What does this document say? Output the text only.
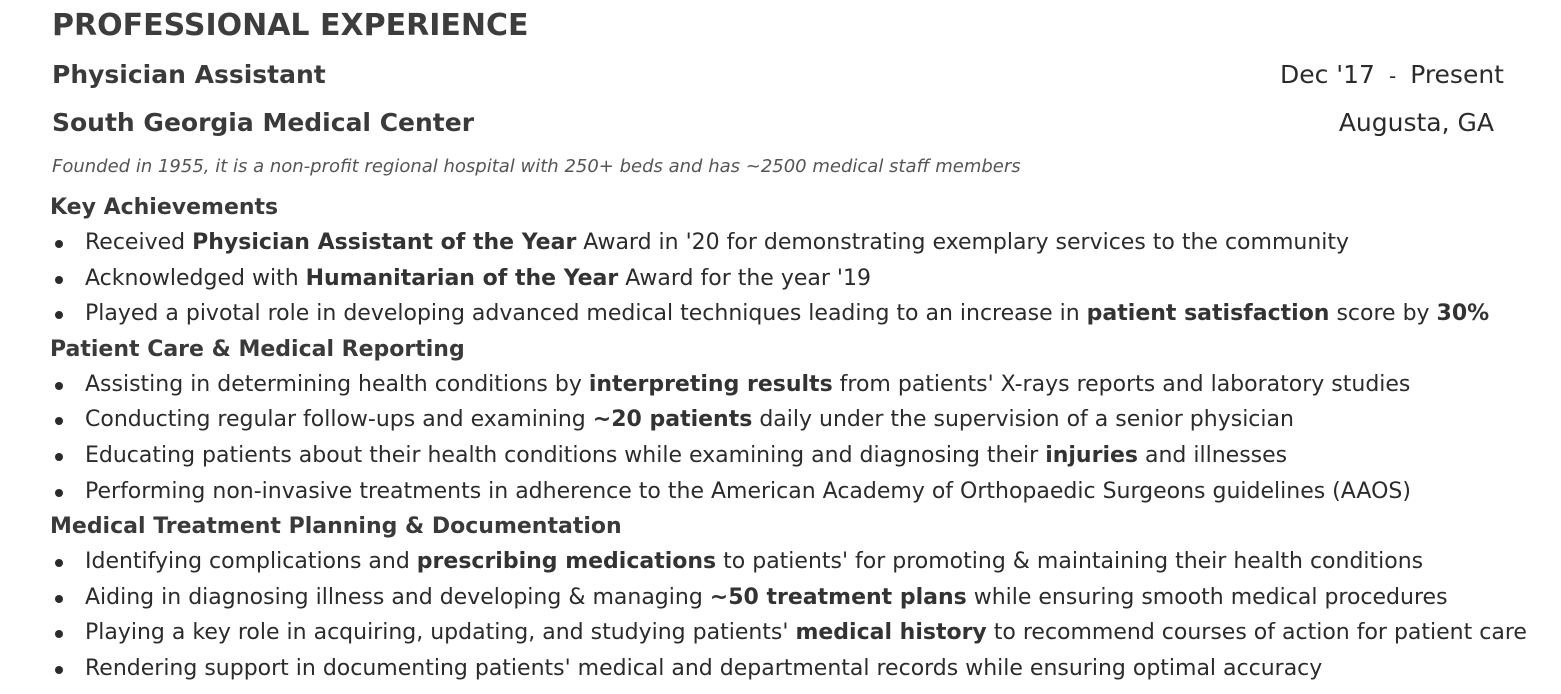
PROFESSIONAL EXPERIENCE
Physician Assistant	Dec '17 - Present
South Georgia Medical Center	Augusta, GA
Founded in 1955, it is a non-profit regional hospital with 250+ beds and has ~2500 medical staff members
Key Achievements
Received Physician Assistant of the Year Award in '20 for demonstrating exemplary services to the community
Acknowledged with Humanitarian of the Year Award for the year '19
Played a pivotal role in developing advanced medical techniques leading to an increase in patient satisfaction score by 30%
Patient Care & Medical Reporting
Assisting in determining health conditions by interpreting results from patients' X-rays reports and laboratory studies
Conducting regular follow-ups and examining ~20 patients daily under the supervision of a senior physician
Educating patients about their health conditions while examining and diagnosing their injuries and illnesses
Performing non-invasive treatments in adherence to the American Academy of Orthopaedic Surgeons guidelines (AAOS)
Medical Treatment Planning & Documentation
Identifying complications and prescribing medications to patients' for promoting & maintaining their health conditions
Aiding in diagnosing illness and developing & managing ~50 treatment plans while ensuring smooth medical procedures
Playing a key role in acquiring, updating, and studying patients' medical history to recommend courses of action for patient care
Rendering support in documenting patients' medical and departmental records while ensuring optimal accuracy
